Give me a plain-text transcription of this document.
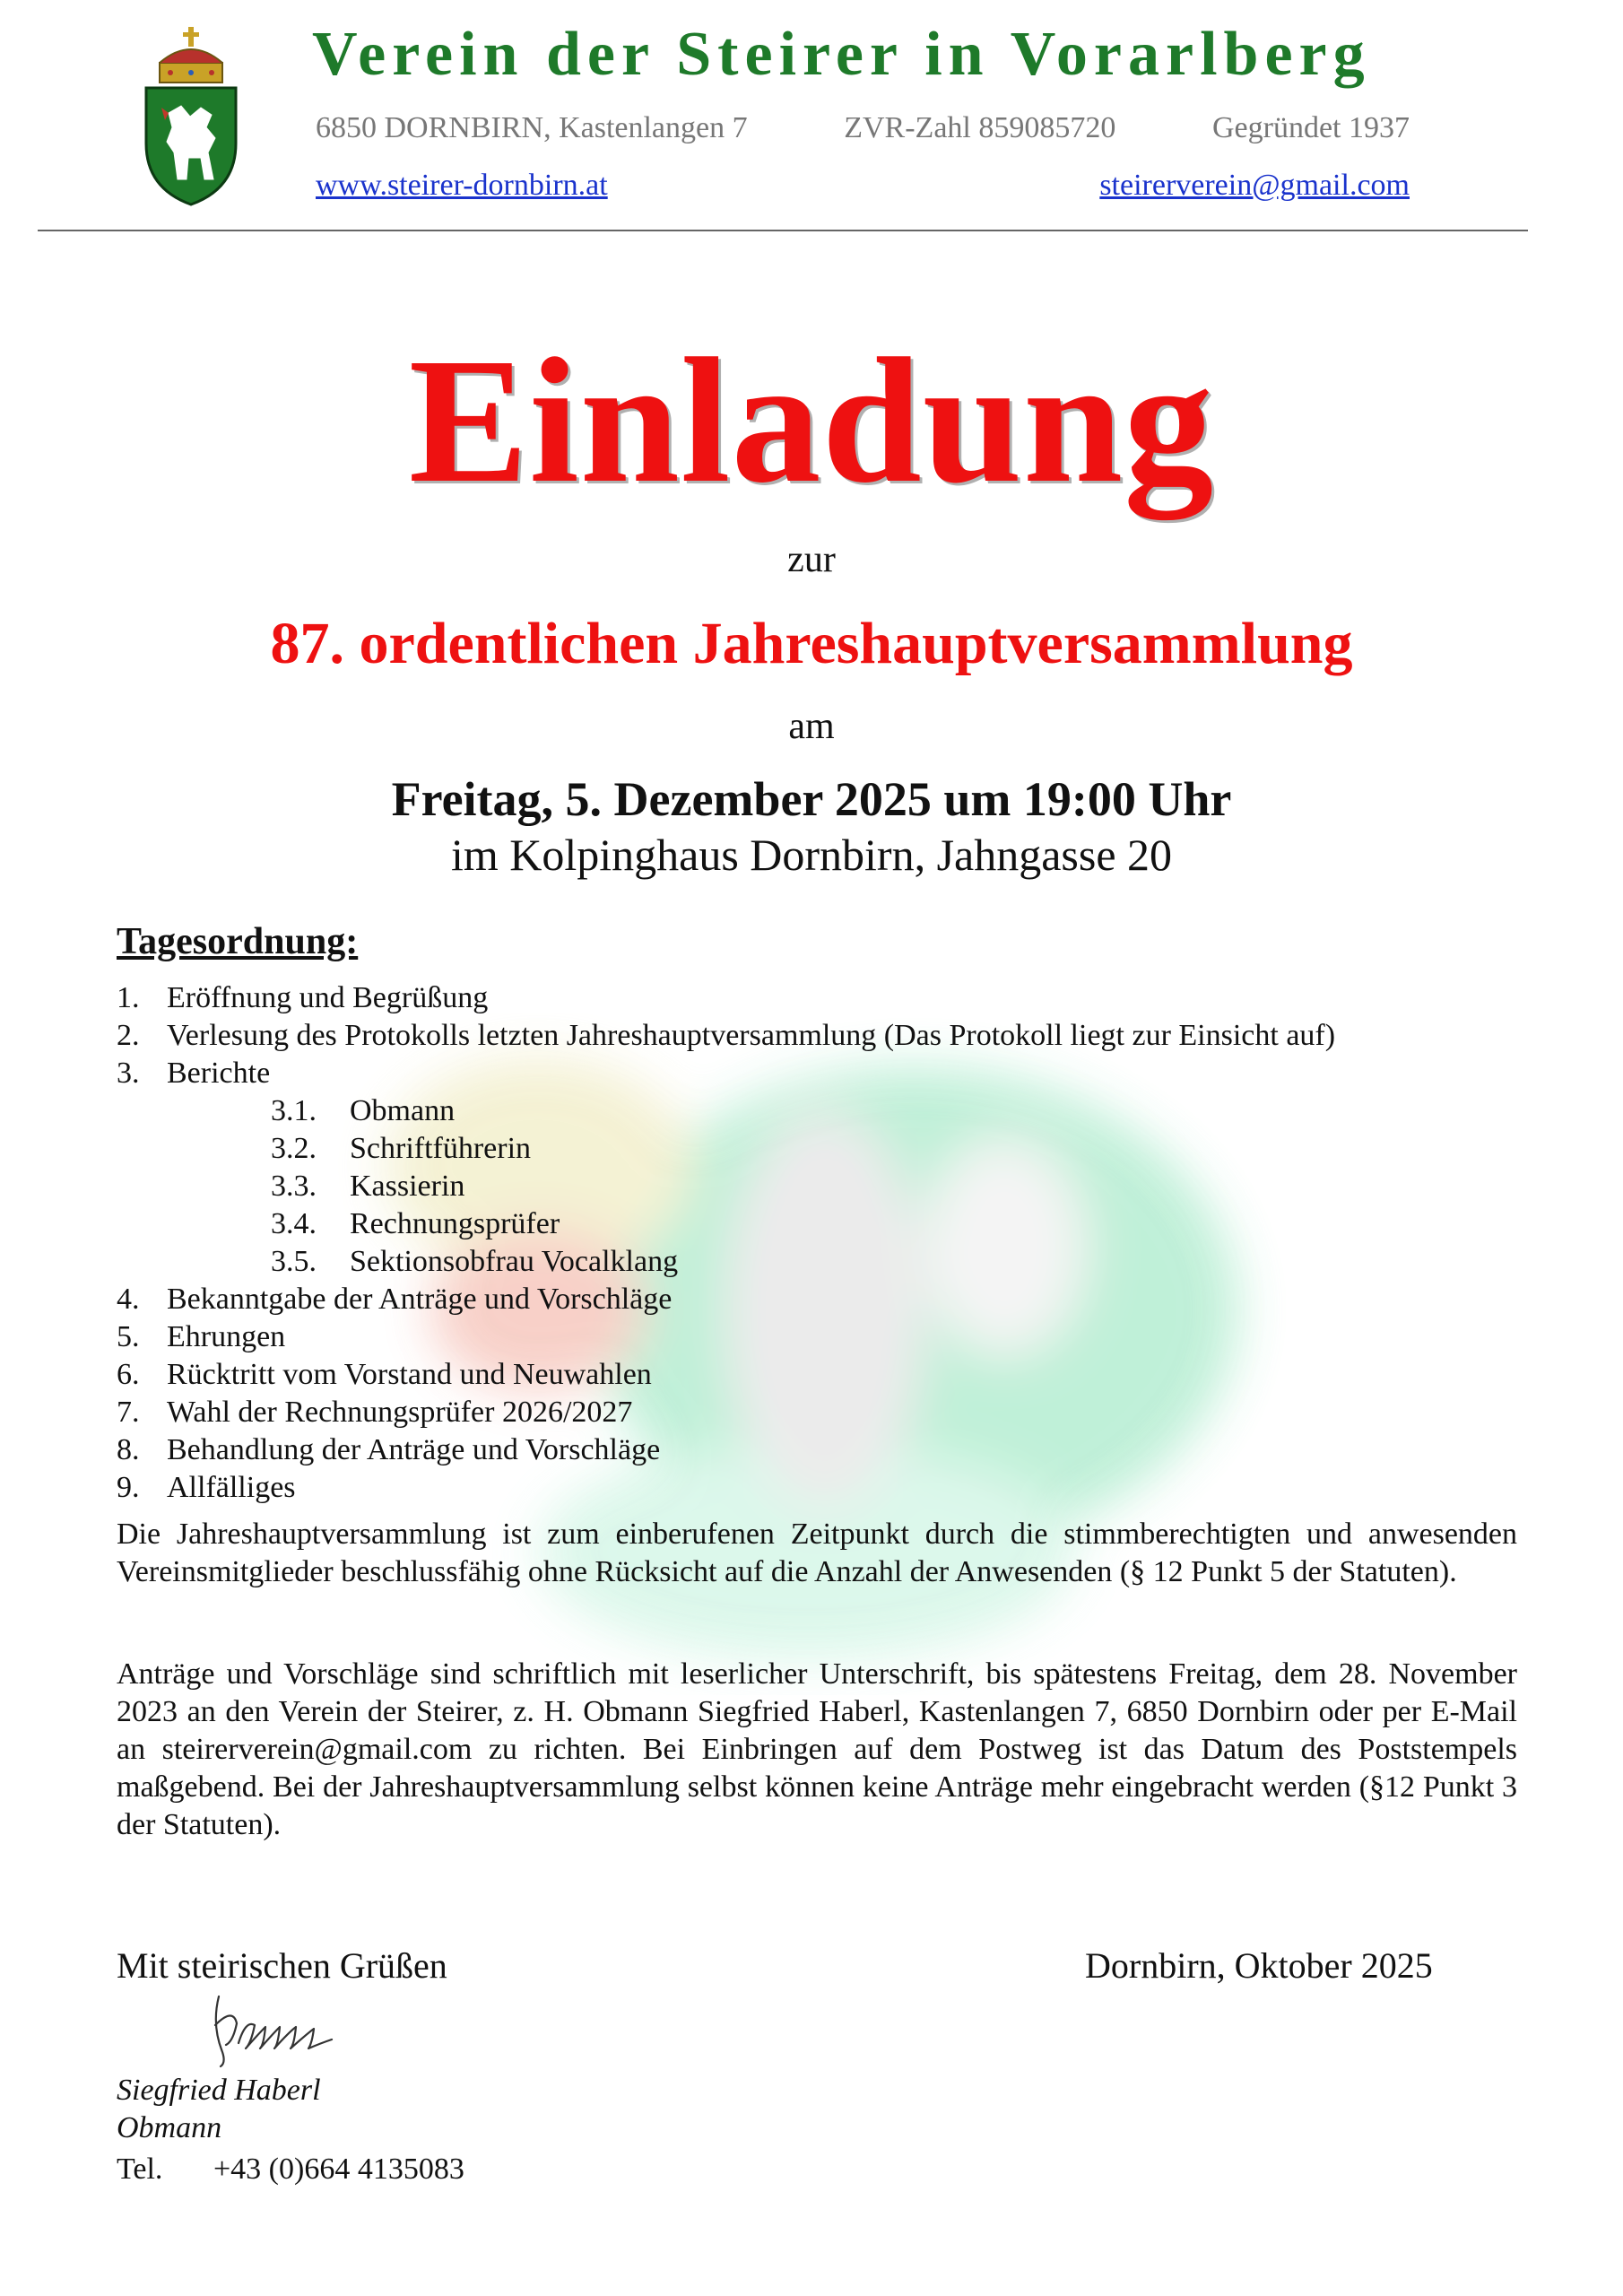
Verein der Steirer in Vorarlberg
6850 DORNBIRN, Kastenlangen 7	ZVR-Zahl 859085720	Gegründet 1937
www.steirer-dornbirn.at	steirerverein@gmail.com
Einladung
zur
87. ordentlichen Jahreshauptversammlung
am
Freitag, 5. Dezember 2025 um 19:00 Uhr
im Kolpinghaus Dornbirn, Jahngasse 20
Tagesordnung:
1. Eröffnung und Begrüßung
2. Verlesung des Protokolls letzten Jahreshauptversammlung (Das Protokoll liegt zur Einsicht auf)
3. Berichte
3.1. Obmann
3.2. Schriftführerin
3.3. Kassierin
3.4. Rechnungsprüfer
3.5. Sektionsobfrau Vocalklang
4. Bekanntgabe der Anträge und Vorschläge
5. Ehrungen
6. Rücktritt vom Vorstand und Neuwahlen
7. Wahl der Rechnungsprüfer 2026/2027
8. Behandlung der Anträge und Vorschläge
9. Allfälliges
Die Jahreshauptversammlung ist zum einberufenen Zeitpunkt durch die stimmberechtigten und anwesenden Vereinsmitglieder beschlussfähig ohne Rücksicht auf die Anzahl der Anwesenden (§ 12 Punkt 5 der Statuten).
Anträge und Vorschläge sind schriftlich mit leserlicher Unterschrift, bis spätestens Freitag, dem 28. November 2023 an den Verein der Steirer, z. H. Obmann Siegfried Haberl, Kastenlangen 7, 6850 Dornbirn oder per E-Mail an steirerverein@gmail.com zu richten. Bei Einbringen auf dem Postweg ist das Datum des Poststempels maßgebend. Bei der Jahreshauptversammlung selbst können keine Anträge mehr eingebracht werden (§12 Punkt 3 der Statuten).
Mit steirischen Grüßen	Dornbirn, Oktober 2025
Siegfried Haberl
Obmann
Tel. +43 (0)664 4135083
